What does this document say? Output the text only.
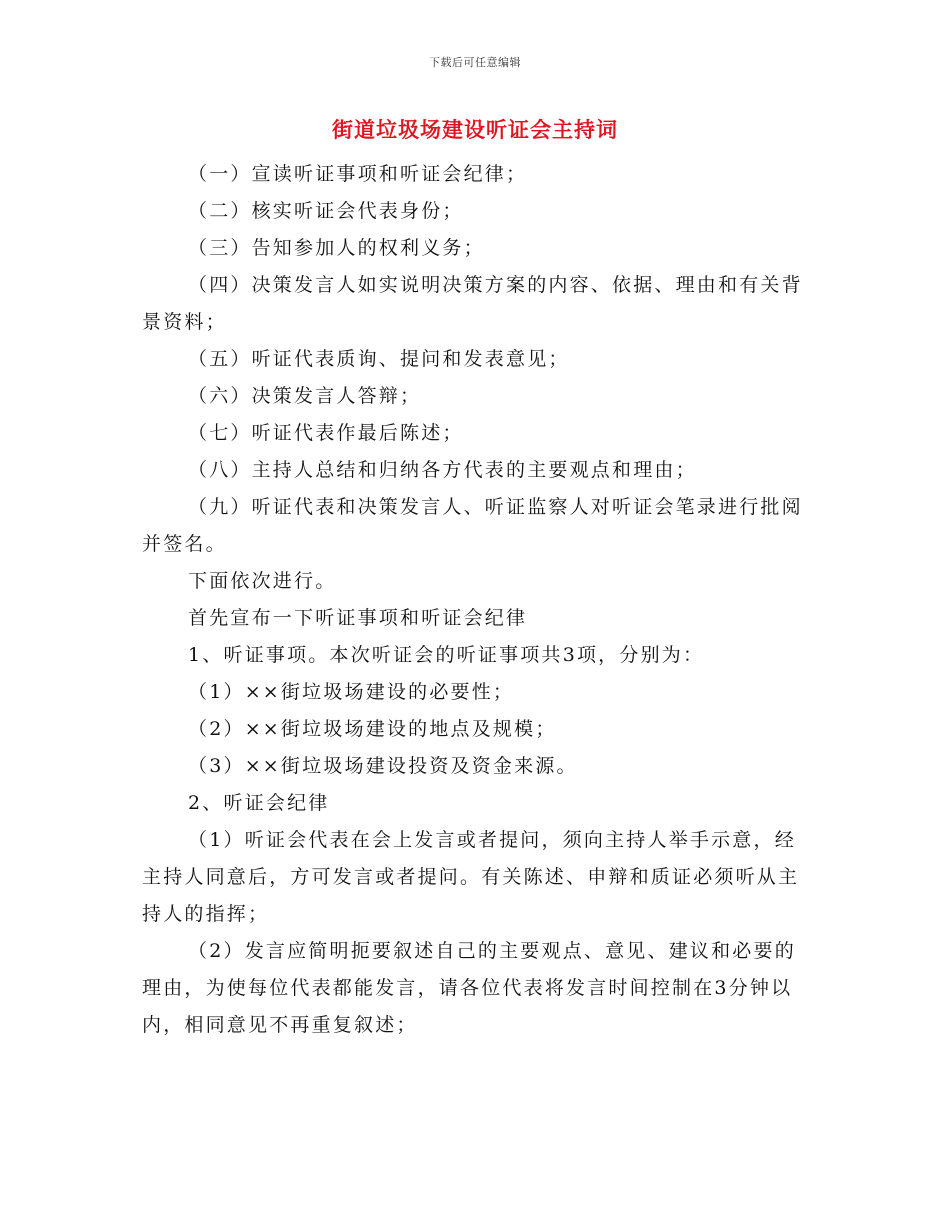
下载后可任意编辑
街道垃圾场建设听证会主持词

（一）宣读听证事项和听证会纪律；

（二）核实听证会代表身份；

（三）告知参加人的权利义务；

（四）决策发言人如实说明决策方案的内容、依据、理由和有关背景资料；

（五）听证代表质询、提问和发表意见；

（六）决策发言人答辩；

（七）听证代表作最后陈述；

（八）主持人总结和归纳各方代表的主要观点和理由；

（九）听证代表和决策发言人、听证监察人对听证会笔录进行批阅并签名。

下面依次进行。

首先宣布一下听证事项和听证会纪律

1、听证事项。本次听证会的听证事项共3项，分别为：

（1）××街垃圾场建设的必要性；

（2）××街垃圾场建设的地点及规模；

（3）××街垃圾场建设投资及资金来源。

2、听证会纪律

（1）听证会代表在会上发言或者提问，须向主持人举手示意，经主持人同意后，方可发言或者提问。有关陈述、申辩和质证必须听从主持人的指挥；

（2）发言应简明扼要叙述自己的主要观点、意见、建议和必要的理由，为使每位代表都能发言，请各位代表将发言时间控制在3分钟以内，相同意见不再重复叙述；
